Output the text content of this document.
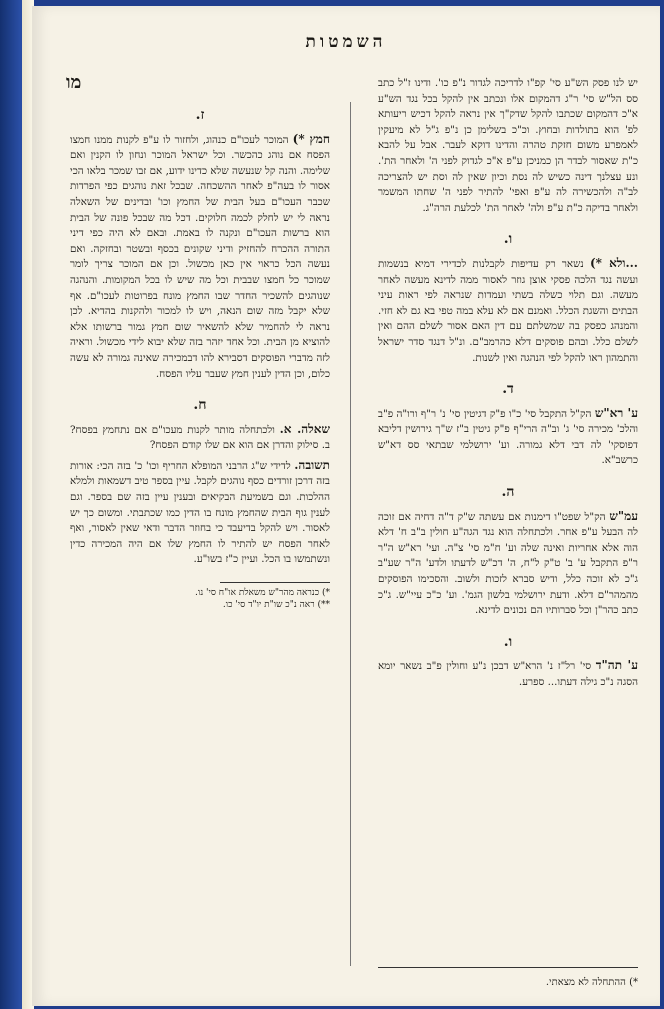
השמטות
מו	יש לנו פסק הש"ע סי' קפ"ו לדריכה לגדור נ"פ כו'. ודינו ז"ל כתב סס הל"ש סי' ר"ג דהמקום אלו ונכתב אין להקל בכל נגד הש"ע א"כ דהמקום שכתבו להקל שדק"ך אין נראה להקל דכיש ריעותא לפ' הוא בתולדות ובחוץ. וכ"כ בשלימן כן נ"פ ג"ל לא מיעקין לאמפרע משום חזקת טהרה והדינו דוקא לעבר. אבל על להבא כ"ת שאסור לבדר הן כמניכן ע"פ א"כ לגדוק לפני ה' ולאחר הת'. ונע עצלנך דינה כשיש לה נסת וכיון שאין לה וסת יש להצריכה לב"ה ולהכשירה לה ע"פ ואפי' להתיר לפני ה' שחתו המשמר ולאחר בדיקה כ"ת ע"פ ולה' לאחר הת' לכלעת הרה"ג.

ו.

...ולא *) נשאר רק עדיפות לקבלנות לכדירי דמיא בנשמות ועשה נגד הלכה פסקי אוצן גוזר לאסור ממה לדינא מעשה לאחר מעשה. וגם תלוי כשלה בשתי ועמדות שנראה לפי ראות עיני הבתים והשגת הכלל. ואמנם אם לא עלא במה טפי בא גם לא חזי. והמנהג כפסק בה שמשלתם עם דין האם אסור לשלם ההם ואין לשלם כלל. ובהם פוסקים דלא כהרמב"ם. ונ"ל דנגד סדר ישראל והתמהון ראו להקל לפי הנהגה ואין לשנות.

ד.

ע' רא"ש הק"ל התקבל סי' כ"ו פ"ק דגיטין סי' נ' ר"ף ורו"ה פ"ב והלכ' מכירה סי' ג' וב"ה הרי"ף פ"ק גיטין ב"ז ש"ך גירושין דליבא דפוסקי' לה דבי דלא גמורה. וע' ירושלמי שבתאי סס דא"ש כרשב"א.

ה.

עמ"ש הק"ל שפט"ו דימנות אם עשתה ש"ק ד"ה דחיה אם זוכה לה הבעל ע"פ אחר. ולכתחלה הוא נגד הגה"ע חולין ב"ב ח' דלא הוה אלא אחריות ואינה שלה וע' ח"מ סי' צ"ה. ועי' רא"ש ה"ר ר"פ התקבל ע' ב' ט"ק ל"ח, ה' דכ"ש לדעתו ולדע' ה"ר שע"ב ג"כ לא זוכה כלל, ודיש סברא לזכות ולשוב. והסכימו הפוסקים מהמהר"ם דלא. ודעת ירושלמי בלשון הגמ'. וע' כ"כ עיי"ש. ג"כ כתב כהר"ן וכל סברותיו הם נכונים לדינא.

ו.

ע' תה"ד סי' רל"ז נ' הרא"ש דבכן נ"ע וחולין פ"ב נשאר יומא הסגה נ"כ גילה דעתו... ספרע.

ז.

חמץ *) המוכר לעכו"ם כנהוג, ולחזור לו ע"פ לקנות ממנו חמצו הפסח אם נוהג כהכשר. וכל ישראל המוכר ונחון לו הקנין ואם שלימה. והנה קל שנעשה שלא כדינו ידוע, אם זבו שמכר בלאו הכי אסור לו בעה"פ לאחר ההשכחה. שבכל זאת נוהגים כפי הפרדות שכבר העכו"ם בעל הבית של החמץ וכו' ובדינים של השאלה נראה לי יש לחלק לכמה חלוקים. דכל מה שבכל פונה של הבית הוא ברשות העכו"ם ונקנה לו באמת. ובאם לא היה כפי דיני התורה ההכרח להחזיק ודיני שקונים בכסף ובשטר ובחזקה. ואם נעשה הכל כראוי אין כאן מכשול. וכן אם המוכר צריך לומר שמוכר כל חמצו שבבית וכל מה שיש לו בכל המקומות. והנהגה שנוהגים להשכיר החדר שבו החמץ מונח בפרוטות לעכו"ם. אף שלא יקבל מזה שום הנאה, ויש לו למכור ולהקנות בהדיא. לכן נראה לי להחמיר שלא להשאיר שום חמץ גמור ברשותו אלא להוציא מן הבית. וכל אחד יזהר בזה שלא יבוא לידי מכשול. וראיה לזה מדברי הפוסקים דסבירא להו דבמכירה שאינה גמורה לא עשה כלום, וכן הדין לענין חמץ שעבר עליו הפסח.

ח.

שאלה. א. ולכתחלה מותר לקנות מעכו"ם אם נתחמץ בפסח? ב. סילוק והדרן אם הוא אם שלו קודם הפסח?

תשובה. לדידי ש"ג הרבני המופלא החריף וכו' כ' בזה הכי: אורות בזה דרכן זורדים כסף נוהגים לקבל. עיין בספר טיב דשמאות ולמלא ההלכות. וגם בשמיעת הבקיאים ובענין עיין בזה שם בספר. וגם לענין גוף הבית שהחמץ מונח בו הדין כמו שכתבתי. ומשום כך יש לאסור. ויש להקל בדיעבד כי בחוזר הדבר ודאי שאין לאסור, ואף לאחר הפסח יש להתיר לו החמץ שלו אם היה המכירה כדין ונשתמשו בו הכל. ועיין כ"ז בשו"ע.

*) כנראה מהר"ש משאלת או"ח סי' נו.
**) ראה נ"כ שו"ת יו"ד סי' כו.
*) ההתחלה לא מצאתי.
